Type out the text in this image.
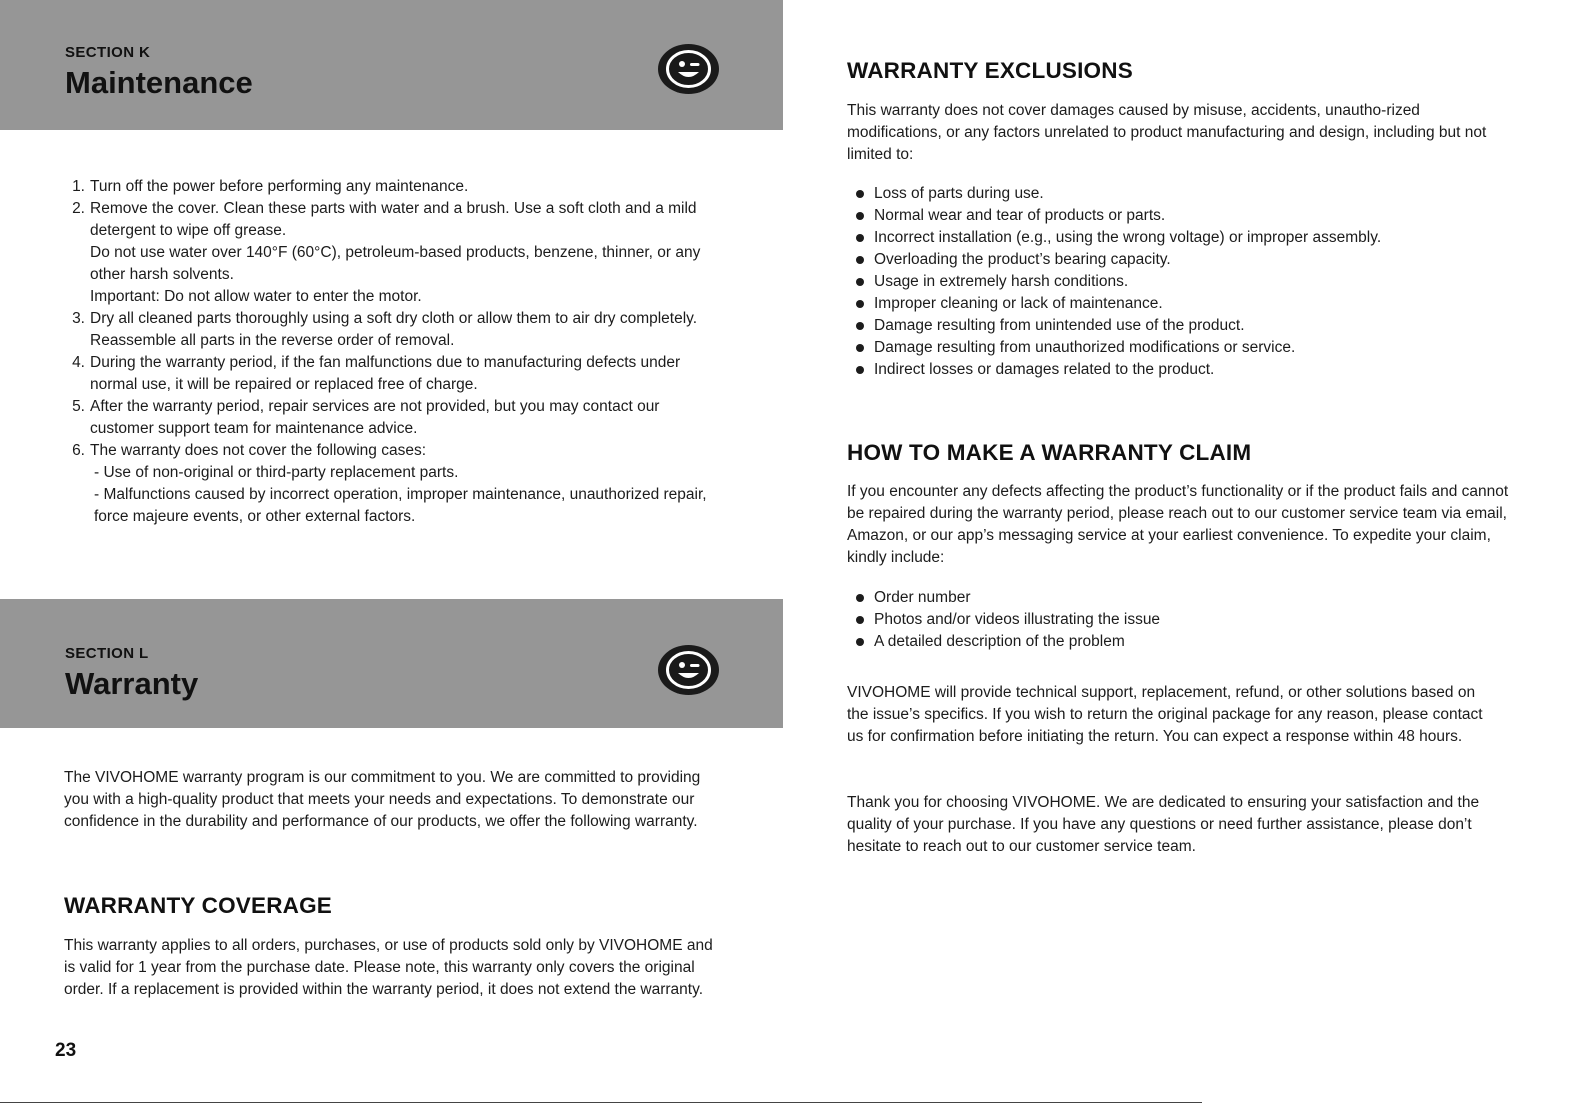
SECTION K
Maintenance
1. Turn off the power before performing any maintenance.
2. Remove the cover. Clean these parts with water and a brush. Use a soft cloth and a mild detergent to wipe off grease.
Do not use water over 140°F (60°C), petroleum-based products, benzene, thinner, or any other harsh solvents.
Important: Do not allow water to enter the motor.
3. Dry all cleaned parts thoroughly using a soft dry cloth or allow them to air dry completely. Reassemble all parts in the reverse order of removal.
4. During the warranty period, if the fan malfunctions due to manufacturing defects under normal use, it will be repaired or replaced free of charge.
5. After the warranty period, repair services are not provided, but you may contact our customer support team for maintenance advice.
6. The warranty does not cover the following cases:
- Use of non-original or third-party replacement parts.
- Malfunctions caused by incorrect operation, improper maintenance, unauthorized repair, force majeure events, or other external factors.
SECTION L
Warranty

The VIVOHOME warranty program is our commitment to you. We are committed to providing you with a high-quality product that meets your needs and expectations. To demonstrate our confidence in the durability and performance of our products, we offer the following warranty.

WARRANTY COVERAGE

This warranty applies to all orders, purchases, or use of products sold only by VIVOHOME and is valid for 1 year from the purchase date. Please note, this warranty only covers the original order. If a replacement is provided within the warranty period, it does not extend the warranty.

23
WARRANTY EXCLUSIONS

This warranty does not cover damages caused by misuse, accidents, unautho-rized modifications, or any factors unrelated to product manufacturing and design, including but not limited to:

Loss of parts during use.
Normal wear and tear of products or parts.
Incorrect installation (e.g., using the wrong voltage) or improper assembly.
Overloading the product’s bearing capacity.
Usage in extremely harsh conditions.
Improper cleaning or lack of maintenance.
Damage resulting from unintended use of the product.
Damage resulting from unauthorized modifications or service.
Indirect losses or damages related to the product.
HOW TO MAKE A WARRANTY CLAIM

If you encounter any defects affecting the product’s functionality or if the product fails and cannot be repaired during the warranty period, please reach out to our customer service team via email, Amazon, or our app’s messaging service at your earliest convenience. To expedite your claim, kindly include:

Order number
Photos and/or videos illustrating the issue
A detailed description of the problem

VIVOHOME will provide technical support, replacement, refund, or other solutions based on the issue’s specifics. If you wish to return the original package for any reason, please contact us for confirmation before initiating the return. You can expect a response within 48 hours.

Thank you for choosing VIVOHOME. We are dedicated to ensuring your satisfaction and the quality of your purchase. If you have any questions or need further assistance, please don’t hesitate to reach out to our customer service team.
